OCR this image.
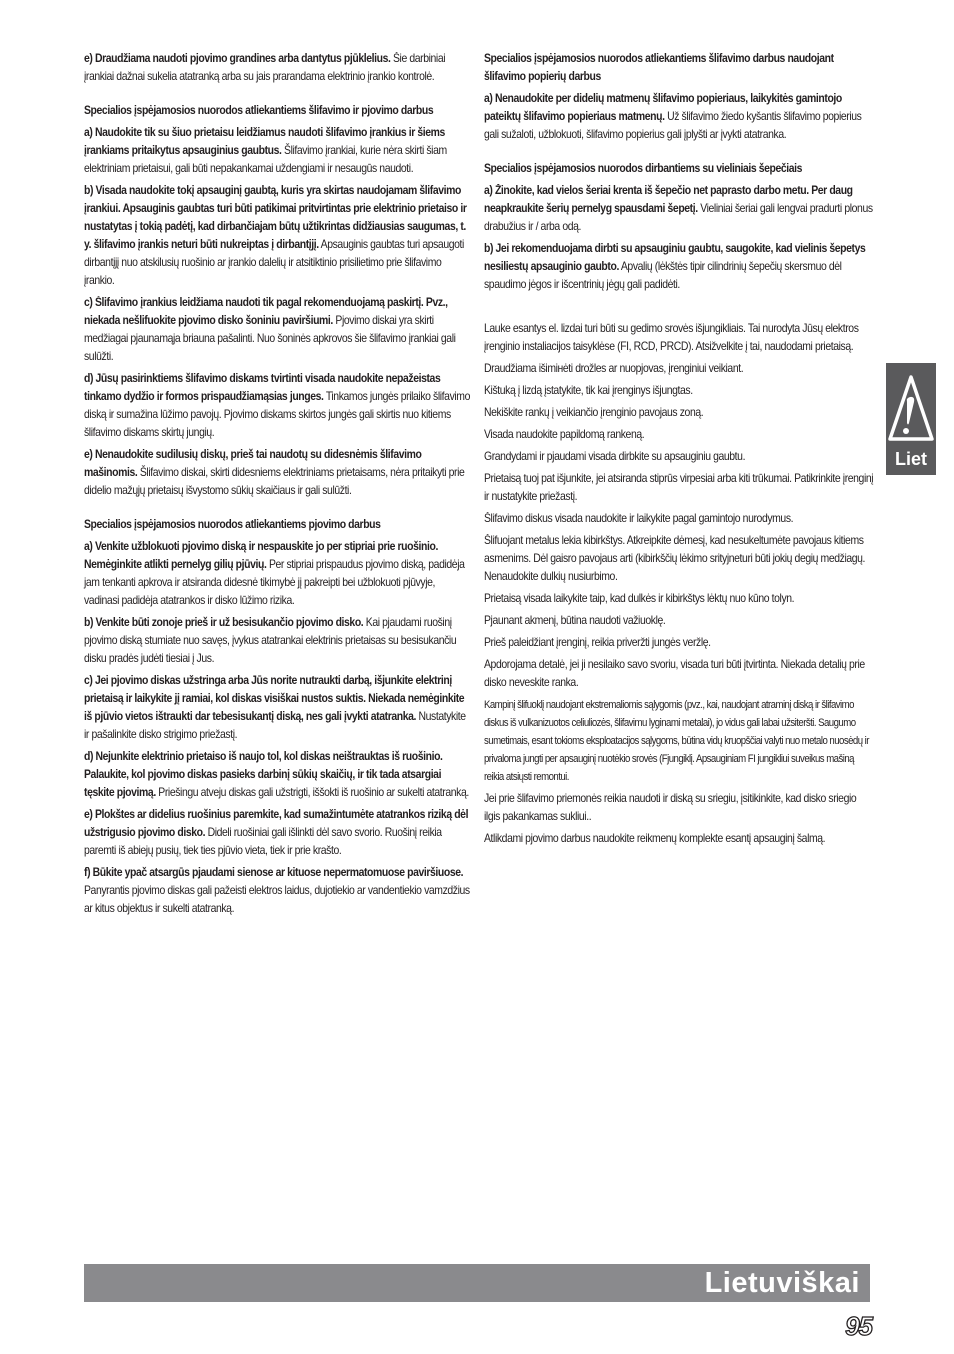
e) Draudžiama naudoti pjovimo grandines arba dantytus pjūklelius. Šie darbiniai įrankiai dažnai sukelia atatranką arba su jais prarandama elektrinio įrankio kontrolė.

Specialios įspėjamosios nuorodos atliekantiems šlifavimo ir pjovimo darbus

a) Naudokite tik su šiuo prietaisu leidžiamus naudoti šlifavimo įrankius ir šiems įrankiams pritaikytus apsauginius gaubtus. Šlifavimo įrankiai, kurie nėra skirti šiam elektriniam prietaisui, gali būti nepakankamai uždengiami ir nesaugūs naudoti.

b) Visada naudokite tokį apsauginį gaubtą, kuris yra skirtas naudojamam šlifavimo įrankiui. Apsauginis gaubtas turi būti patikimai pritvirtintas prie elektrinio prietaiso ir nustatytas į tokią padėtį, kad dirbančiajam būtų užtikrintas didžiausias saugumas, t. y. šlifavimo įrankis neturi būti nukreiptas į dirbantįjį. Apsauginis gaubtas turi apsaugoti dirbantįjį nuo atskilusių ruošinio ar įrankio dalelių ir atsitiktinio prisilietimo prie šlifavimo įrankio.

c) Šlifavimo įrankius leidžiama naudoti tik pagal rekomenduojamą paskirtį. Pvz., niekada nešlifuokite pjovimo disko šoniniu paviršiumi. Pjovimo diskai yra skirti medžiagai pjaunamąja briauna pašalinti. Nuo šoninės apkrovos šie šlifavimo įrankiai gali sulūžti.

d) Jūsų pasirinktiems šlifavimo diskams tvirtinti visada naudokite nepažeistas tinkamo dydžio ir formos prispaudžiamąsias junges. Tinkamos jungės prilaiko šlifavimo diską ir sumažina lūžimo pavojų. Pjovimo diskams skirtos jungės gali skirtis nuo kitiems šlifavimo diskams skirtų jungių.

e) Nenaudokite sudilusių diskų, prieš tai naudotų su didesnėmis šlifavimo mašinomis. Šlifavimo diskai, skirti didesniems elektriniams prietaisams, nėra pritaikyti prie didelio mažųjų prietaisų išvystomo sūkių skaičiaus ir gali sulūžti.

Specialios įspėjamosios nuorodos atliekantiems pjovimo darbus

a) Venkite užblokuoti pjovimo diską ir nespauskite jo per stipriai prie ruošinio. Nemėginkite atlikti pernelyg gilių pjūvių. Per stipriai prispaudus pjovimo diską, padidėja jam tenkanti apkrova ir atsiranda didesnė tikimybė jį pakreipti bei užblokuoti pjūvyje, vadinasi padidėja atatrankos ir disko lūžimo rizika.

b) Venkite būti zonoje prieš ir už besisukančio pjovimo disko. Kai pjaudami ruošinį pjovimo diską stumiate nuo savęs, įvykus atatrankai elektrinis prietaisas su besisukančiu disku pradės judėti tiesiai į Jus.

c) Jei pjovimo diskas užstringa arba Jūs norite nutraukti darbą, išjunkite elektrinį prietaisą ir laikykite jį ramiai, kol diskas visiškai nustos suktis. Niekada nemėginkite iš pjūvio vietos ištraukti dar tebesisukantį diską, nes gali įvykti atatranka. Nustatykite ir pašalinkite disko strigimo priežastį.

d) Nejunkite elektrinio prietaiso iš naujo tol, kol diskas neištrauktas iš ruošinio. Palaukite, kol pjovimo diskas pasieks darbinį sūkių skaičių, ir tik tada atsargiai tęskite pjovimą. Priešingu atveju diskas gali užstrigti, iššokti iš ruošinio ar sukelti atatranką.

e) Plokštes ar didelius ruošinius paremkite, kad sumažintumėte atatrankos riziką dėl užstrigusio pjovimo disko. Dideli ruošiniai gali išlinkti dėl savo svorio. Ruošinį reikia paremti iš abiejų pusių, tiek ties pjūvio vieta, tiek ir prie krašto.

f) Būkite ypač atsargūs pjaudami sienose ar kituose nepermatomuose paviršiuose. Panyrantis pjovimo diskas gali pažeisti elektros laidus, dujotiekio ar vandentiekio vamzdžius ar kitus objektus ir sukelti atatranką.

Specialios įspėjamosios nuorodos atliekantiems šlifavimo darbus naudojant šlifavimo popierių darbus

a) Nenaudokite per didelių matmenų šlifavimo popieriaus, laikykitės gamintojo pateiktų šlifavimo popieriaus matmenų. Už šlifavimo žiedo kyšantis šlifavimo popierius gali sužaloti, užblokuoti, šlifavimo popierius gali įplyšti ar įvykti atatranka.

Specialios įspėjamosios nuorodos dirbantiems su vieliniais šepečiais

a) Žinokite, kad vielos šeriai krenta iš šepečio net paprasto darbo metu. Per daug neapkraukite šerių pernelyg spausdami šepetį. Vieliniai šeriai gali lengvai pradurti plonus drabužius ir / arba odą.

b) Jei rekomenduojama dirbti su apsauginiu gaubtu, saugokite, kad vielinis šepetys nesiliestų apsauginio gaubto. Apvalių (lėkštės tipir cilindrinių šepečių skersmuo dėl spaudimo jėgos ir išcentrinių jėgų gali padidėti.

Lauke esantys el. lizdai turi būti su gedimo srovės išjungikliais. Tai nurodyta Jūsų elektros įrenginio instaliacijos taisyklėse (FI, RCD, PRCD). Atsižvelkite į tai, naudodami prietaisą.

Draudžiama išimінėti drožles ar nuopjovas, įrenginiui veikiant.

Kištuką į lizdą įstatykite, tik kai įrenginys išjungtas.

Nekiškite rankų į veikiančio įrenginio pavojaus zoną.

Visada naudokite papildomą rankeną.

Grandydami ir pjaudami visada dirbkite su apsauginiu gaubtu.

Prietaisą tuoj pat išjunkite, jei atsiranda stiprūs virpesiai arba kiti trūkumai. Patikrinkite įrenginį ir nustatykite priežastį.

Šlifavimo diskus visada naudokite ir laikykite pagal gamintojo nurodymus.

Šlifuojant metalus lekia kibirkštys. Atkreipkite dėmesį, kad nesukeltumėte pavojaus kitiems asmenims. Dėl gaisro pavojaus arti (kibirkščių lėkimo srityjneturi būti jokių degių medžiagų. Nenaudokite dulkių nusiurbimo.

Prietaisą visada laikykite taip, kad dulkės ir kibirkštys lėktų nuo kūno tolyn.

Pjaunant akmenį, būtina naudoti važiuoklę.

Prieš paleidžiant įrenginį, reikia priveržti jungės veržlę.

Apdorojama detalė, jei ji nesilaiko savo svoriu, visada turi būti įtvirtinta. Niekada detalių prie disko neveskite ranka.

Kampinį šlifuoklį naudojant ekstremaliomis sąlygomis (pvz., kai, naudojant atraminį diską ir šlifavimo diskus iš vulkanizuotos celiuliozės, šlifavimu lyginami metalai), jo vidus gali labai užsiteršti. Saugumo sumetimais, esant tokioms eksploatacijos sąlygoms, būtina vidų kruopščiai valyti nuo metalo nuosėdų ir privaloma jungti per apsauginį nuotėkio srovės (Fjungiklį. Apsauginiam FI jungikliui suveikus mašiną reikia atsiųsti remontui.

Jei prie šlifavimo priemonės reikia naudoti ir diską su sriegiu, įsitikinkite, kad disko sriegio ilgis pakankamas sukliui..

Atlikdami pjovimo darbus naudokite reikmenų komplekte esantį apsauginį šalmą.

Liet
Lietuviškai
95
